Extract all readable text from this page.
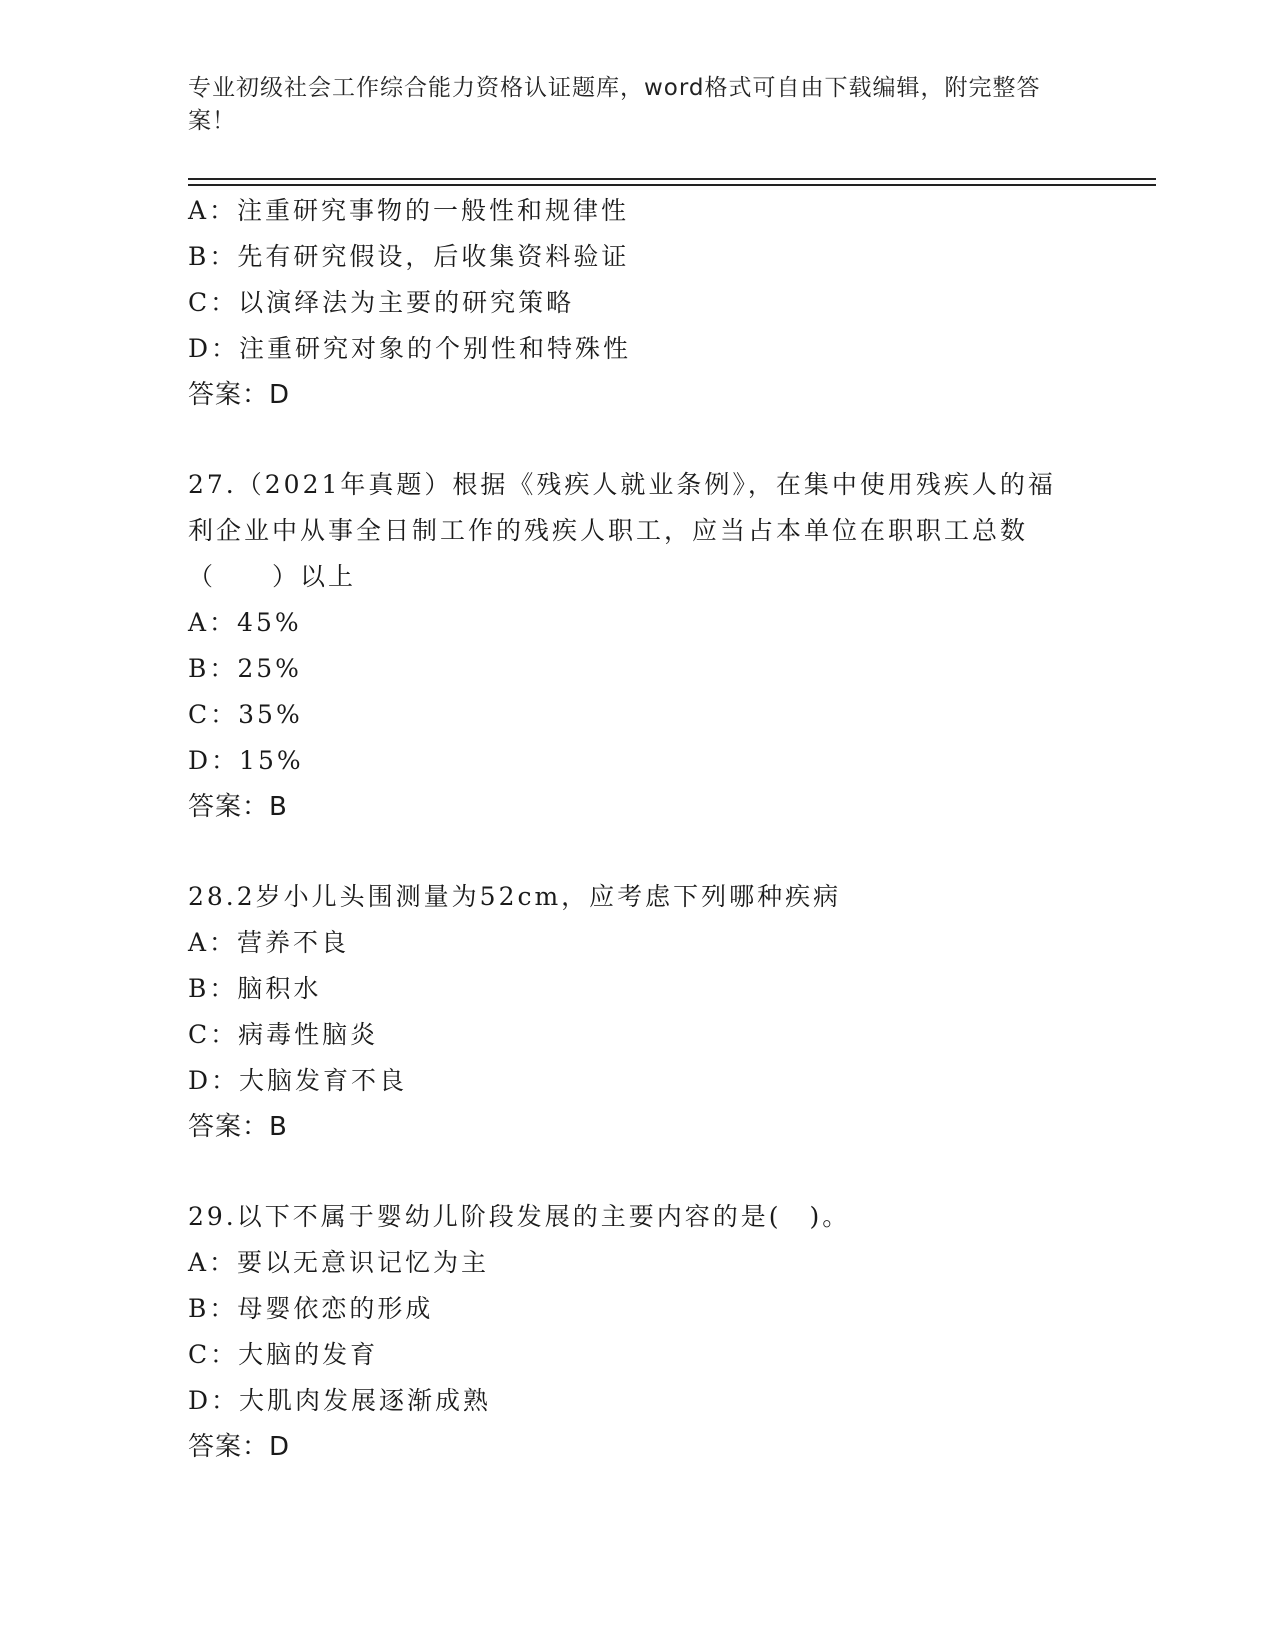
专业初级社会工作综合能力资格认证题库，word格式可自由下载编辑，附完整答案！
A：注重研究事物的一般性和规律性
B：先有研究假设，后收集资料验证
C：以演绎法为主要的研究策略
D：注重研究对象的个别性和特殊性
答案：D
27.（2021年真题）根据《残疾人就业条例》，在集中使用残疾人的福
利企业中从事全日制工作的残疾人职工，应当占本单位在职职工总数
（　　）以上
A：45%
B：25%
C：35%
D：15%
答案：B
28.2岁小儿头围测量为52cm，应考虑下列哪种疾病
A：营养不良
B：脑积水
C：病毒性脑炎
D：大脑发育不良
答案：B
29.以下不属于婴幼儿阶段发展的主要内容的是(　)。
A：要以无意识记忆为主
B：母婴依恋的形成
C：大脑的发育
D：大肌肉发展逐渐成熟
答案：D
